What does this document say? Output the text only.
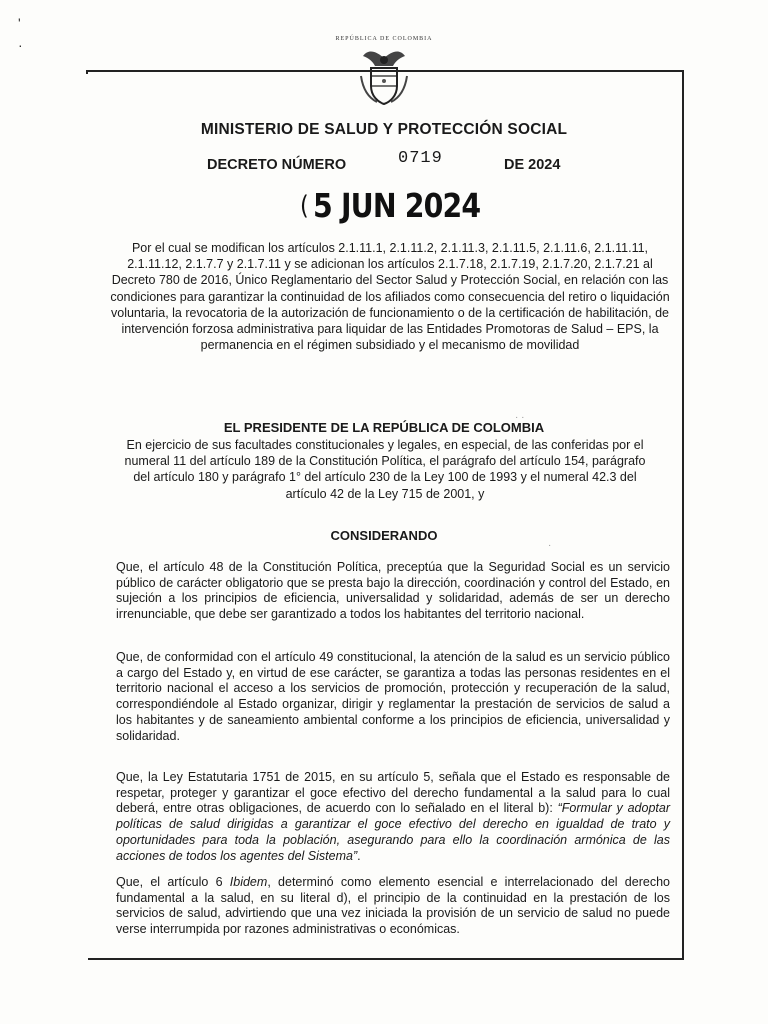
ʹ
·	REPÚBLICA DE COLOMBIA
MINISTERIO DE SALUD Y PROTECCIÓN SOCIAL
DECRETO NÚMERO	0719	DE 2024
( 5 JUN 2024
Por el cual se modifican los artículos 2.1.11.1, 2.1.11.2, 2.1.11.3, 2.1.11.5, 2.1.11.6, 2.1.11.11, 2.1.11.12, 2.1.7.7 y 2.1.7.11 y se adicionan los artículos 2.1.7.18, 2.1.7.19, 2.1.7.20, 2.1.7.21 al Decreto 780 de 2016, Único Reglamentario del Sector Salud y Protección Social, en relación con las condiciones para garantizar la continuidad de los afiliados como consecuencia del retiro o liquidación voluntaria, la revocatoria de la autorización de funcionamiento o de la certificación de habilitación, de intervención forzosa administrativa para liquidar de las Entidades Promotoras de Salud – EPS, la permanencia en el régimen subsidiado y el mecanismo de movilidad
EL PRESIDENTE DE LA REPÚBLICA DE COLOMBIA
En ejercicio de sus facultades constitucionales y legales, en especial, de las conferidas por el numeral 11 del artículo 189 de la Constitución Política, el parágrafo del artículo 154, parágrafo del artículo 180 y parágrafo 1° del artículo 230 de la Ley 100 de 1993 y el numeral 42.3 del artículo 42 de la Ley 715 de 2001, y
CONSIDERANDO
Que, el artículo 48 de la Constitución Política, preceptúa que la Seguridad Social es un servicio público de carácter obligatorio que se presta bajo la dirección, coordinación y control del Estado, en sujeción a los principios de eficiencia, universalidad y solidaridad, además de ser un derecho irrenunciable, que debe ser garantizado a todos los habitantes del territorio nacional.
Que, de conformidad con el artículo 49 constitucional, la atención de la salud es un servicio público a cargo del Estado y, en virtud de ese carácter, se garantiza a todas las personas residentes en el territorio nacional el acceso a los servicios de promoción, protección y recuperación de la salud, correspondiéndole al Estado organizar, dirigir y reglamentar la prestación de servicios de salud a los habitantes y de saneamiento ambiental conforme a los principios de eficiencia, universalidad y solidaridad.
Que, la Ley Estatutaria 1751 de 2015, en su artículo 5, señala que el Estado es responsable de respetar, proteger y garantizar el goce efectivo del derecho fundamental a la salud para lo cual deberá, entre otras obligaciones, de acuerdo con lo señalado en el literal b): “Formular y adoptar políticas de salud dirigidas a garantizar el goce efectivo del derecho en igualdad de trato y oportunidades para toda la población, asegurando para ello la coordinación armónica de las acciones de todos los agentes del Sistema”.
Que, el artículo 6 Ibidem, determinó como elemento esencial e interrelacionado del derecho fundamental a la salud, en su literal d), el principio de la continuidad en la prestación de los servicios de salud, advirtiendo que una vez iniciada la provisión de un servicio de salud no puede verse interrumpida por razones administrativas o económicas.
· ·
·
